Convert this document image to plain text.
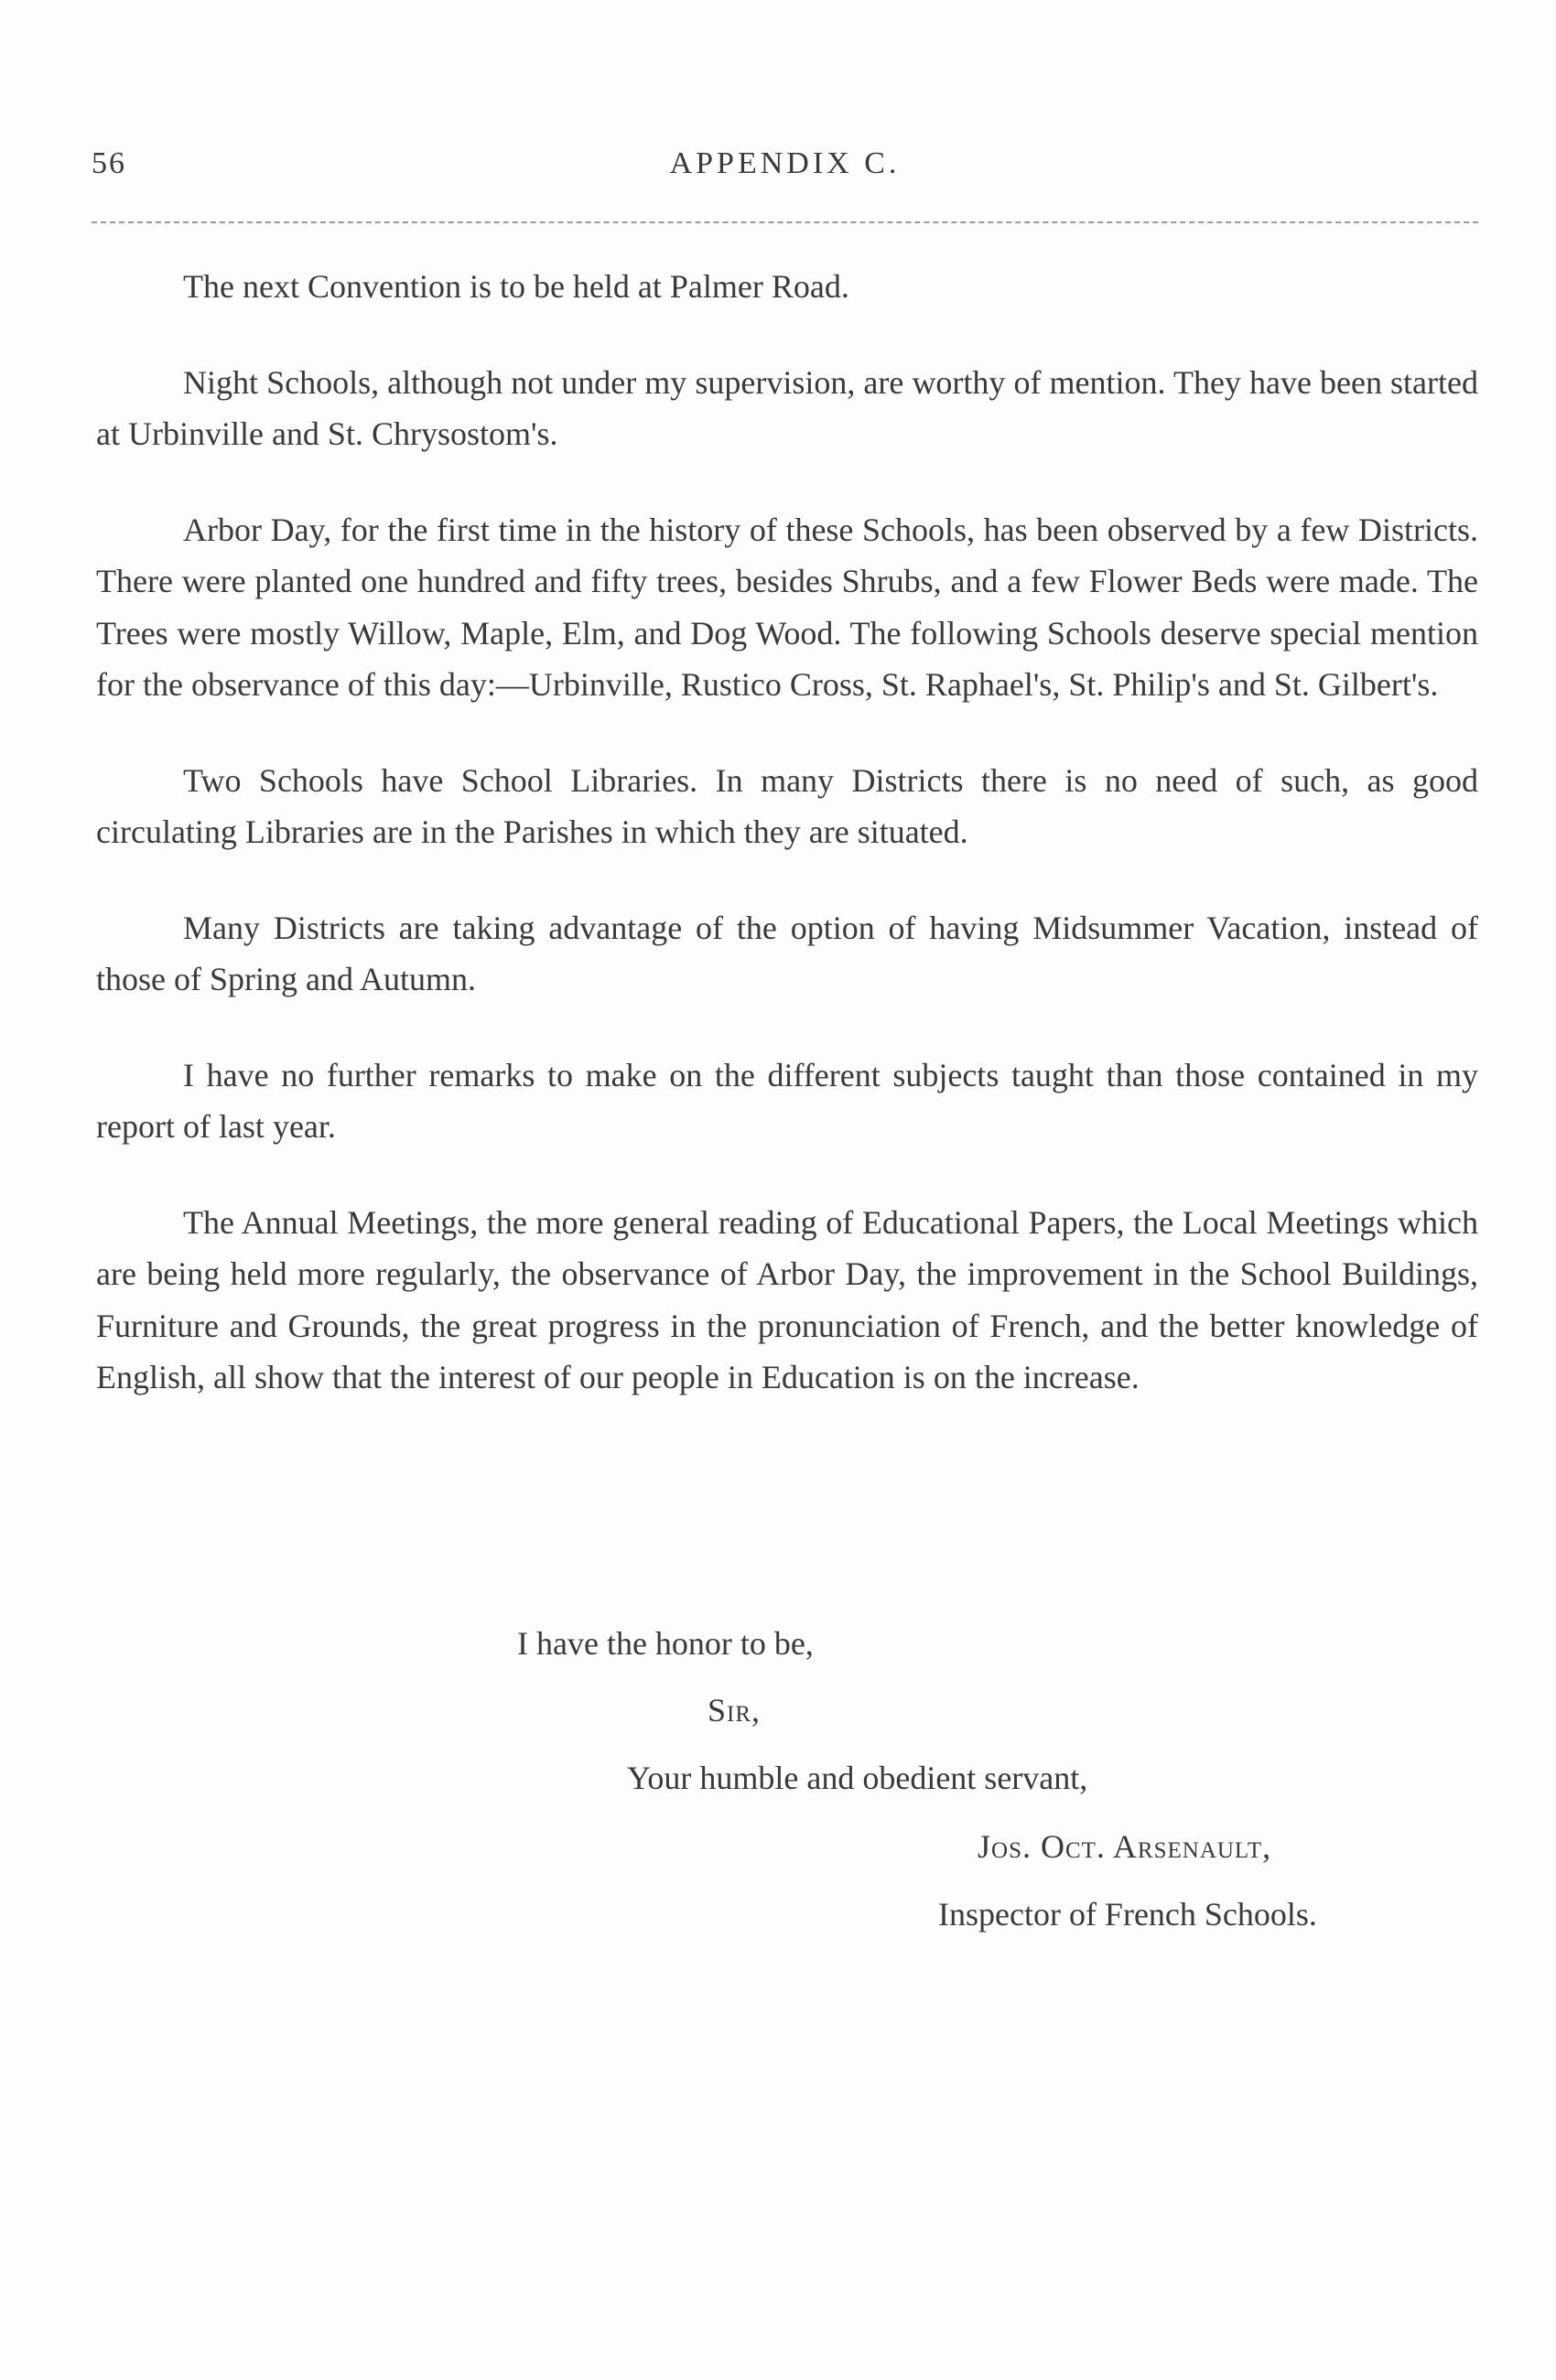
56	APPENDIX C.

The next Convention is to be held at Palmer Road.

Night Schools, although not under my supervision, are worthy of mention. They have been started at Urbinville and St. Chrysostom's.

Arbor Day, for the first time in the history of these Schools, has been observed by a few Districts. There were planted one hundred and fifty trees, besides Shrubs, and a few Flower Beds were made. The Trees were mostly Willow, Maple, Elm, and Dog Wood. The following Schools deserve special mention for the observance of this day:—Urbinville, Rustico Cross, St. Raphael's, St. Philip's and St. Gilbert's.

Two Schools have School Libraries. In many Districts there is no need of such, as good circulating Libraries are in the Parishes in which they are situated.

Many Districts are taking advantage of the option of having Midsummer Vacation, instead of those of Spring and Autumn.

I have no further remarks to make on the different subjects taught than those contained in my report of last year.

The Annual Meetings, the more general reading of Educational Papers, the Local Meetings which are being held more regularly, the observance of Arbor Day, the improvement in the School Buildings, Furniture and Grounds, the great progress in the pronunciation of French, and the better knowledge of English, all show that the interest of our people in Education is on the increase.

I have the honor to be,
Sir,
Your humble and obedient servant,
Jos. Oct. Arsenault,
Inspector of French Schools.
